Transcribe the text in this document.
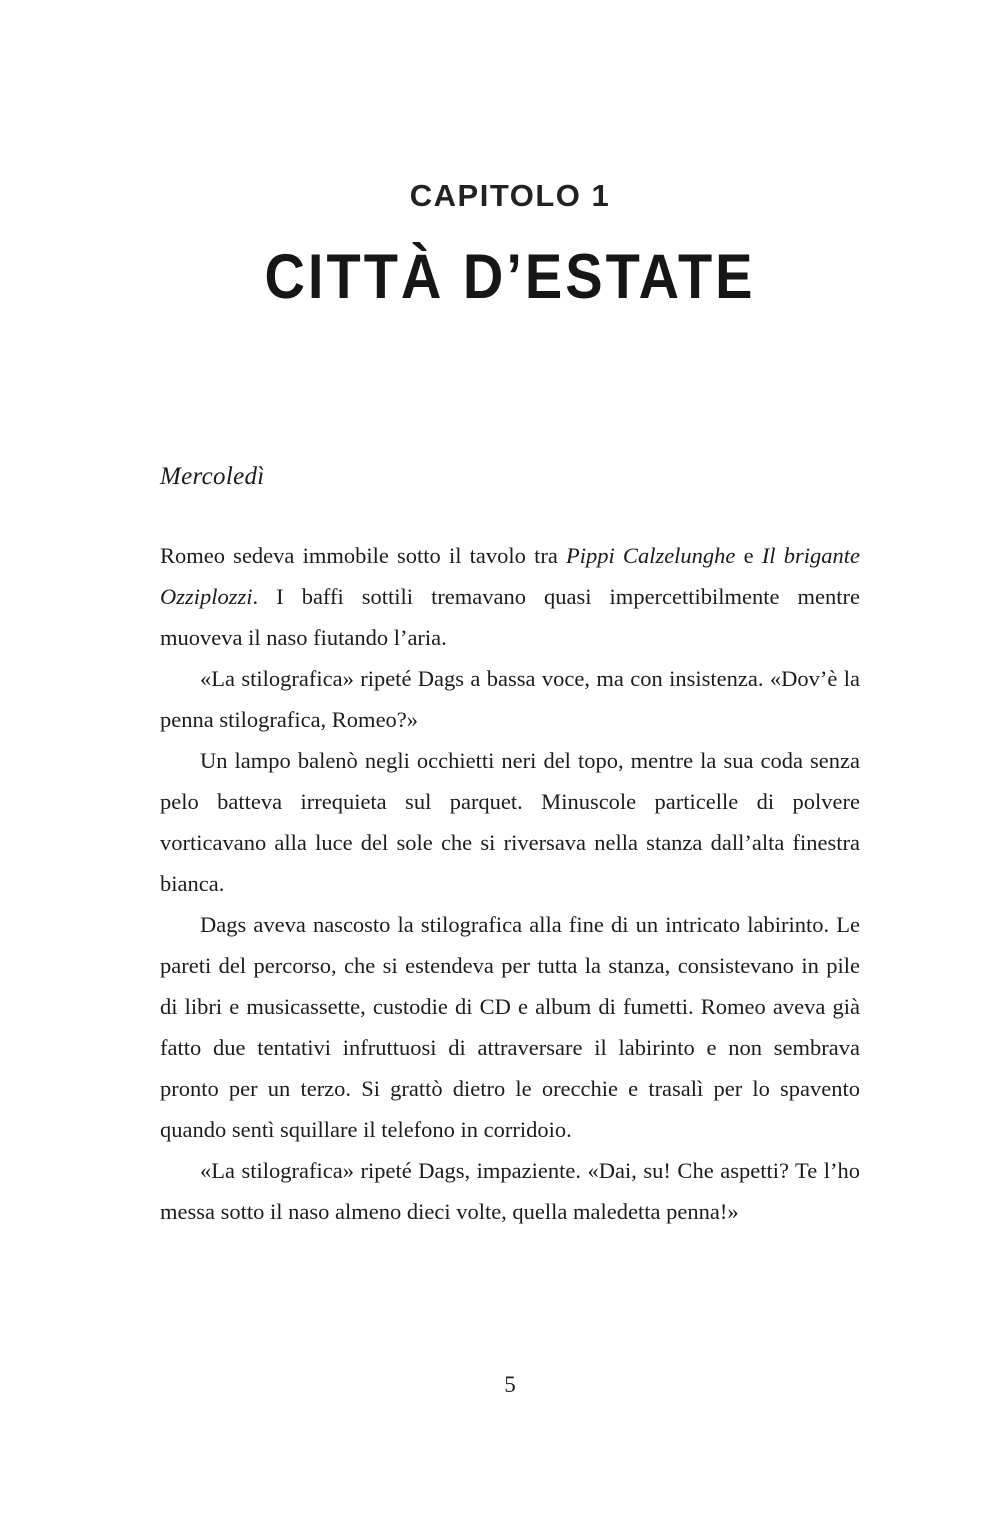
CAPITOLO 1
CITTÀ D’ESTATE
Mercoledì

Romeo sedeva immobile sotto il tavolo tra Pippi Calzelunghe e Il brigante Ozziplozzi. I baffi sottili tremavano quasi impercettibilmente mentre muoveva il naso fiutando l’aria.

«La stilografica» ripeté Dags a bassa voce, ma con insistenza. «Dov’è la penna stilografica, Romeo?»

Un lampo balenò negli occhietti neri del topo, mentre la sua coda senza pelo batteva irrequieta sul parquet. Minuscole particelle di polvere vorticavano alla luce del sole che si riversava nella stanza dall’alta finestra bianca.

Dags aveva nascosto la stilografica alla fine di un intricato labirinto. Le pareti del percorso, che si estendeva per tutta la stanza, consistevano in pile di libri e musicassette, custodie di CD e album di fumetti. Romeo aveva già fatto due tentativi infruttuosi di attraversare il labirinto e non sembrava pronto per un terzo. Si grattò dietro le orecchie e trasalì per lo spavento quando sentì squillare il telefono in corridoio.

«La stilografica» ripeté Dags, impaziente. «Dai, su! Che aspetti? Te l’ho messa sotto il naso almeno dieci volte, quella maledetta penna!»

5
